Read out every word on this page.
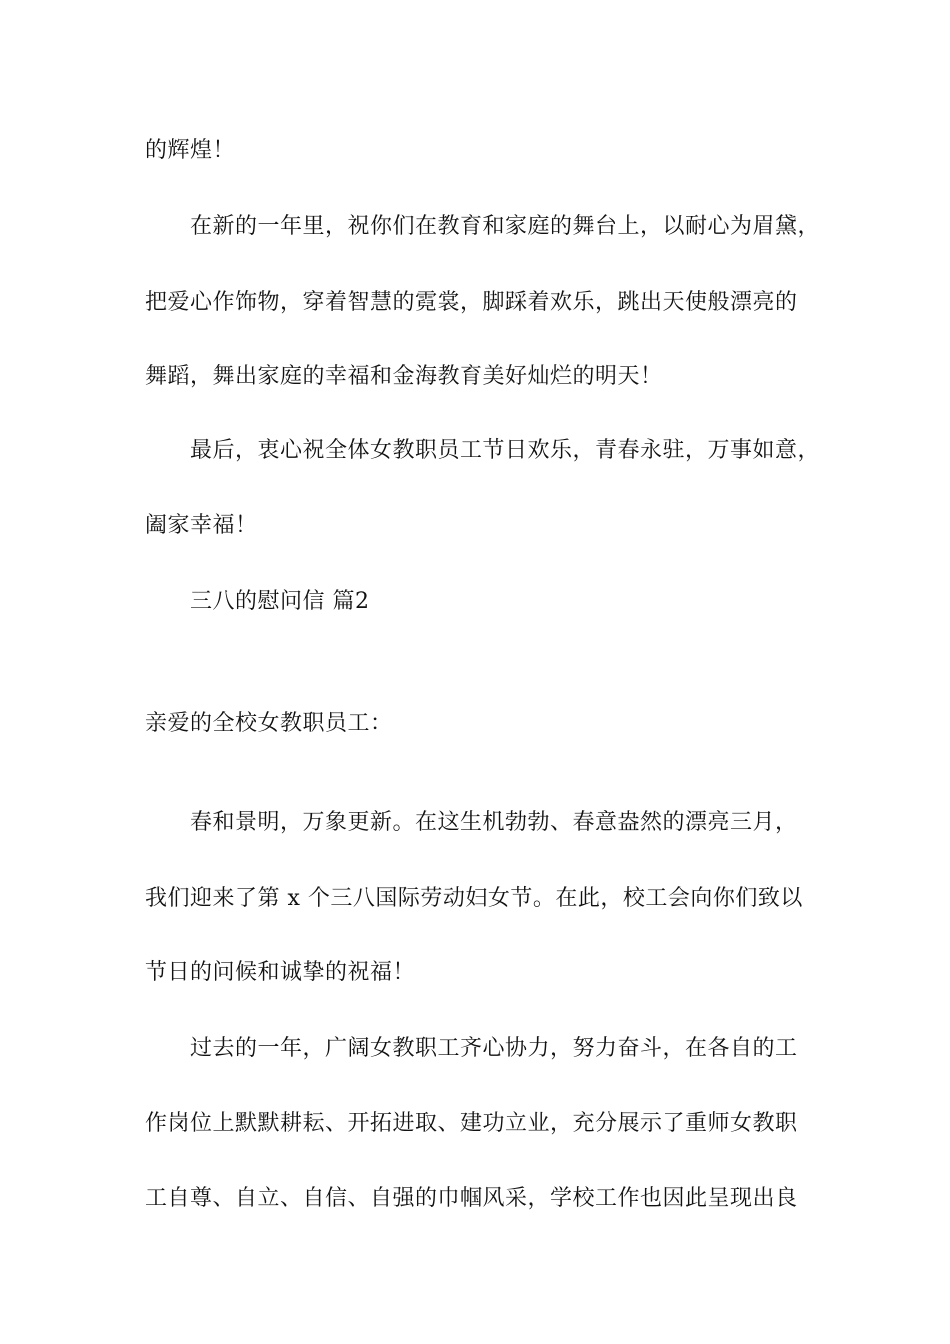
的辉煌！
在新的一年里，祝你们在教育和家庭的舞台上，以耐心为眉黛，
把爱心作饰物，穿着智慧的霓裳，脚踩着欢乐，跳出天使般漂亮的
舞蹈，舞出家庭的幸福和金海教育美好灿烂的明天！
最后，衷心祝全体女教职员工节日欢乐，青春永驻，万事如意，
阖家幸福！
三八的慰问信 篇2
亲爱的全校女教职员工：
春和景明，万象更新。在这生机勃勃、春意盎然的漂亮三月，
我们迎来了第 x 个三八国际劳动妇女节。在此，校工会向你们致以
节日的问候和诚挚的祝福！
过去的一年，广阔女教职工齐心协力，努力奋斗，在各自的工
作岗位上默默耕耘、开拓进取、建功立业，充分展示了重师女教职
工自尊、自立、自信、自强的巾帼风采，学校工作也因此呈现出良
